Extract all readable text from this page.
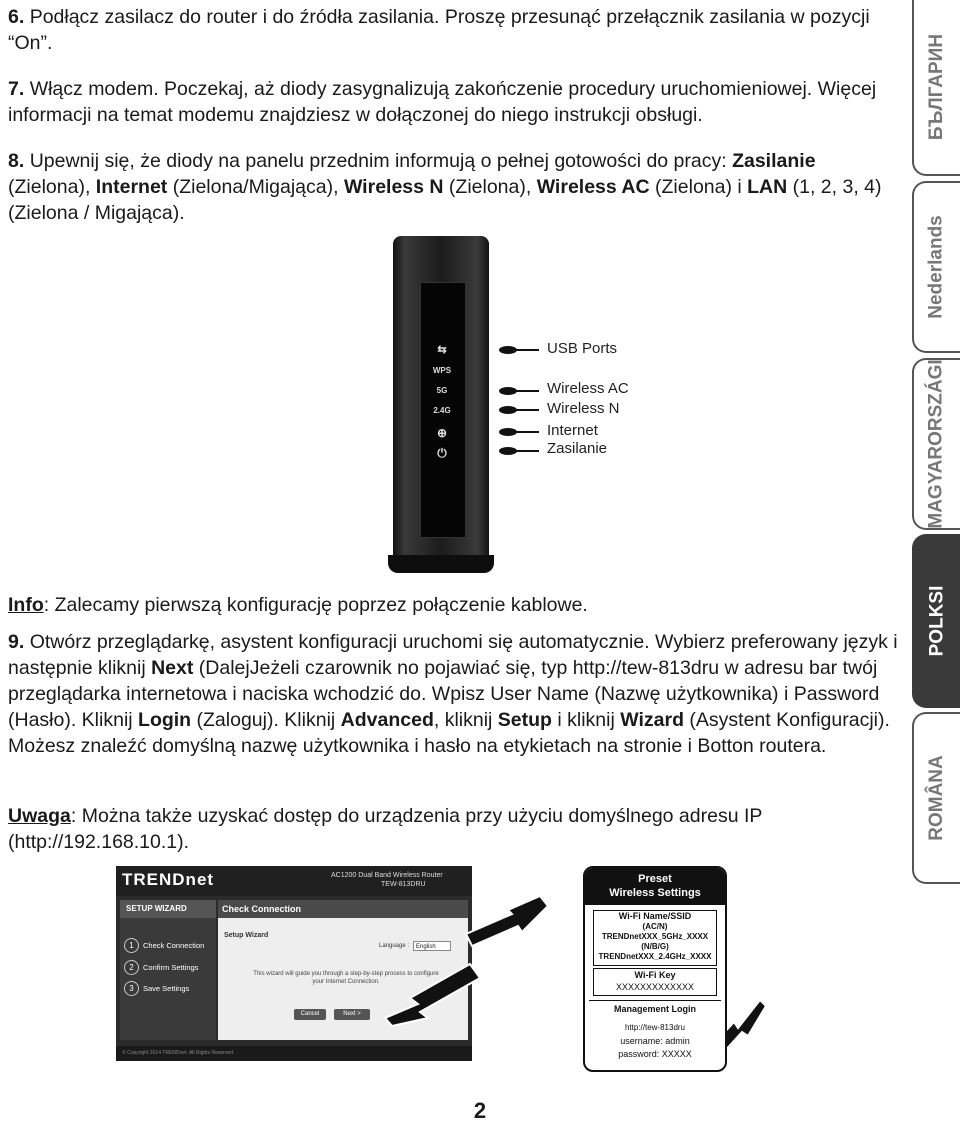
6. Podłącz zasilacz do router i do źródła zasilania. Proszę przesunąć przełącznik zasilania w pozycji “On”.

7. Włącz modem. Poczekaj, aż diody zasygnalizują zakończenie procedury uruchomieniowej. Więcej informacji na temat modemu znajdziesz w dołączonej do niego instrukcji obsługi.

8. Upewnij się, że diody na panelu przednim informują o pełnej gotowości do pracy: Zasilanie (Zielona), Internet (Zielona/Migająca), Wireless N (Zielona), Wireless AC (Zielona) i LAN (1, 2, 3, 4) (Zielona / Migająca).

⇆
WPS
5G
2.4G
⊕
⏻
USB Ports
Wireless AC
Wireless N
Internet
Zasilanie

Info: Zalecamy pierwszą konfigurację poprzez połączenie kablowe.

9. Otwórz przeglądarkę, asystent konfiguracji uruchomi się automatycznie. Wybierz preferowany język i następnie kliknij Next (DalejJeżeli czarownik no pojawiać się, typ http://tew-813dru w adresu bar twój przeglądarka internetowa i naciska wchodzić do. Wpisz User Name (Nazwę użytkownika) i Password (Hasło). Kliknij Login (Zaloguj). Kliknij Advanced, kliknij Setup i kliknij Wizard (Asystent Konfiguracji). Możesz znaleźć domyślną nazwę użytkownika i hasło na etykietach na stronie i Botton routera.

Uwaga: Można także uzyskać dostęp do urządzenia przy użyciu domyślnego adresu IP (http://192.168.10.1).

TRENDnet	AC1200 Dual Band Wireless Router
TEW-813DRU
SETUP WIZARD
1 Check Connection
2 Confirm Settings
3 Save Settings
Check Connection
Setup Wizard
Language :	English
This wizard will guide you through a step-by-step process to configure your Internet Connection.
Cancel	Next >
© Copyright 2014 TRENDnet. All Rights Reserved.
Preset
Wireless Settings
Wi-Fi Name/SSID
(AC/N)
TRENDnetXXX_5GHz_XXXX
(N/B/G)
TRENDnetXXX_2.4GHz_XXXX
Wi-Fi Key
XXXXXXXXXXXXX
Management Login
http://tew-813dru
username: admin
password: XXXXX
БЪЛГАРИН
Nederlands
MAGYARORSZÁGI
POLKSI
ROMÂNA
2
